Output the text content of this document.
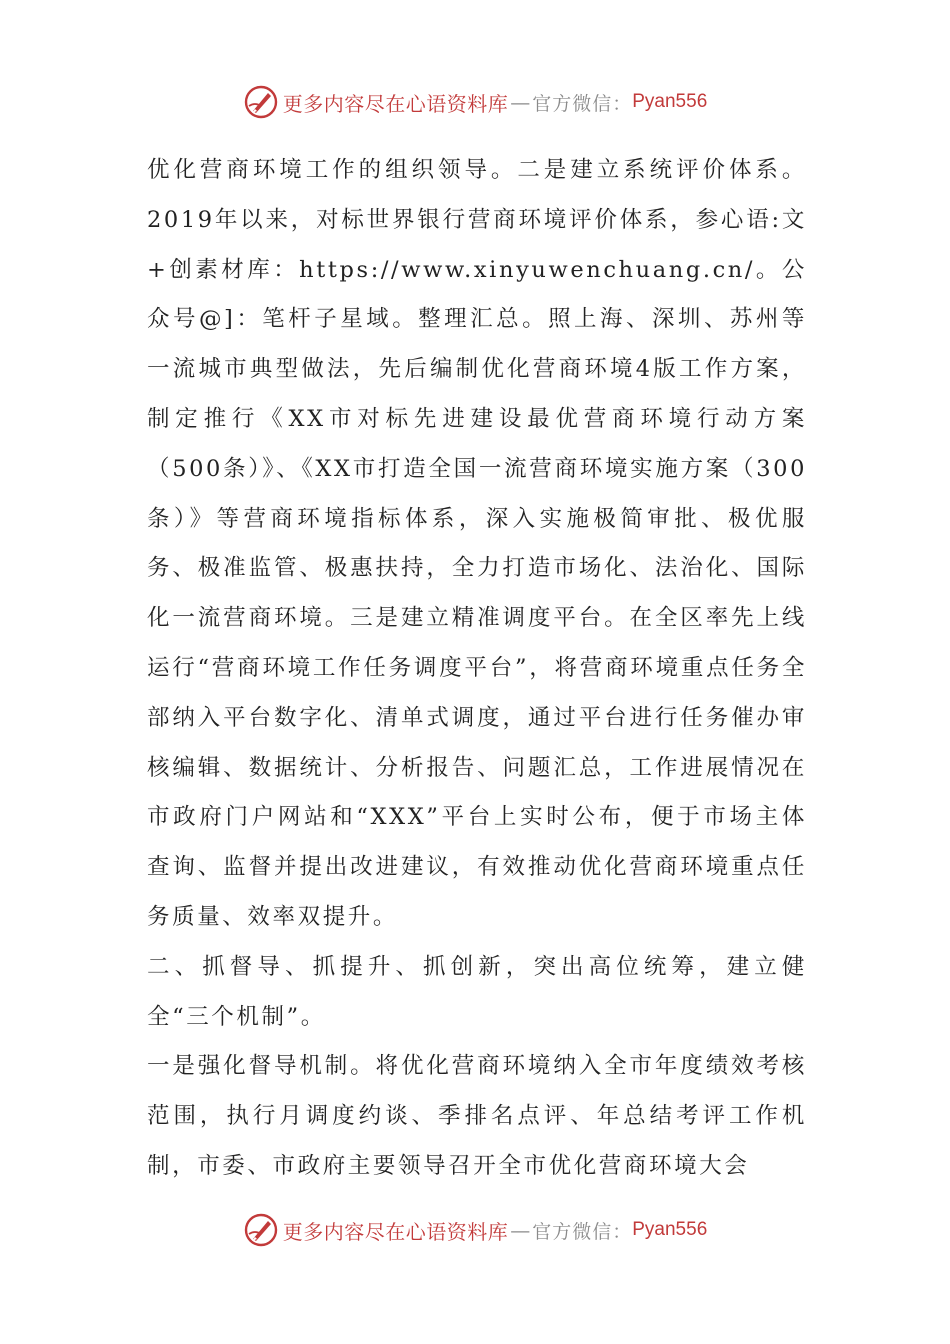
更多内容尽在心语资料库 — 官方微信： Pyan556

优化营商环境工作的组织领导。二是建立系统评价体系。2019年以来，对标世界银行营商环境评价体系，参心语:文+创素材库：https://www.xinyuwenchuang.cn/。公众号@]：笔杆子星域。整理汇总。照上海、深圳、苏州等一流城市典型做法，先后编制优化营商环境4版工作方案，制定推行《XX市对标先进建设最优营商环境行动方案（500条）》、《XX市打造全国一流营商环境实施方案（300条）》等营商环境指标体系，深入实施极简审批、极优服务、极准监管、极惠扶持，全力打造市场化、法治化、国际化一流营商环境。三是建立精准调度平台。在全区率先上线运行“营商环境工作任务调度平台”，将营商环境重点任务全部纳入平台数字化、清单式调度，通过平台进行任务催办审核编辑、数据统计、分析报告、问题汇总，工作进展情况在市政府门户网站和“XXX”平台上实时公布，便于市场主体查询、监督并提出改进建议，有效推动优化营商环境重点任务质量、效率双提升。

二、抓督导、抓提升、抓创新，突出高位统筹，建立健全“三个机制”。

一是强化督导机制。将优化营商环境纳入全市年度绩效考核范围，执行月调度约谈、季排名点评、年总结考评工作机制，市委、市政府主要领导召开全市优化营商环境大会

更多内容尽在心语资料库 — 官方微信： Pyan556
